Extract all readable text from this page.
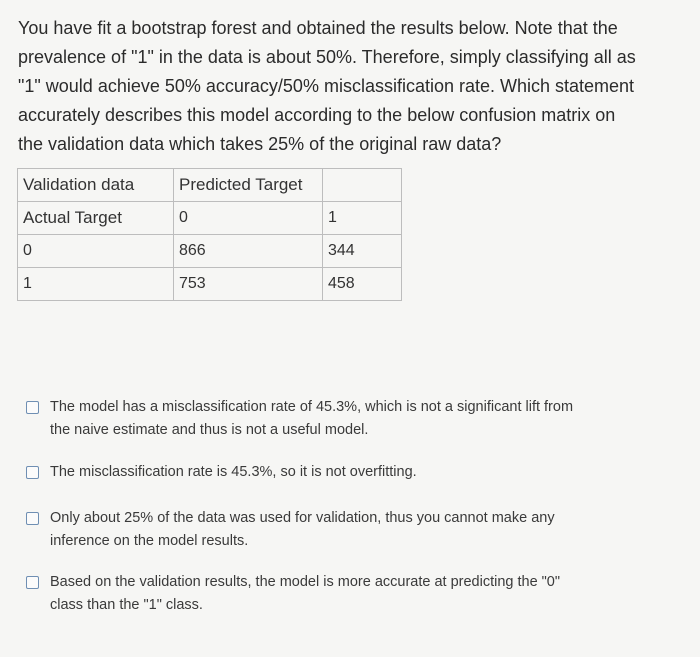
You have fit a bootstrap forest and obtained the results below. Note that the
prevalence of "1" in the data is about 50%. Therefore, simply classifying all as
"1" would achieve 50% accuracy/50% misclassification rate. Which statement
accurately describes this model according to the below confusion matrix on
the validation data which takes 25% of the original raw data?
Validation data	Predicted Target	
Actual Target	0	1
0	866	344
1	753	458
The model has a misclassification rate of 45.3%, which is not a significant lift from
the naive estimate and thus is not a useful model.
The misclassification rate is 45.3%, so it is not overfitting.
Only about 25% of the data was used for validation, thus you cannot make any
inference on the model results.
Based on the validation results, the model is more accurate at predicting the "0"
class than the "1" class.
